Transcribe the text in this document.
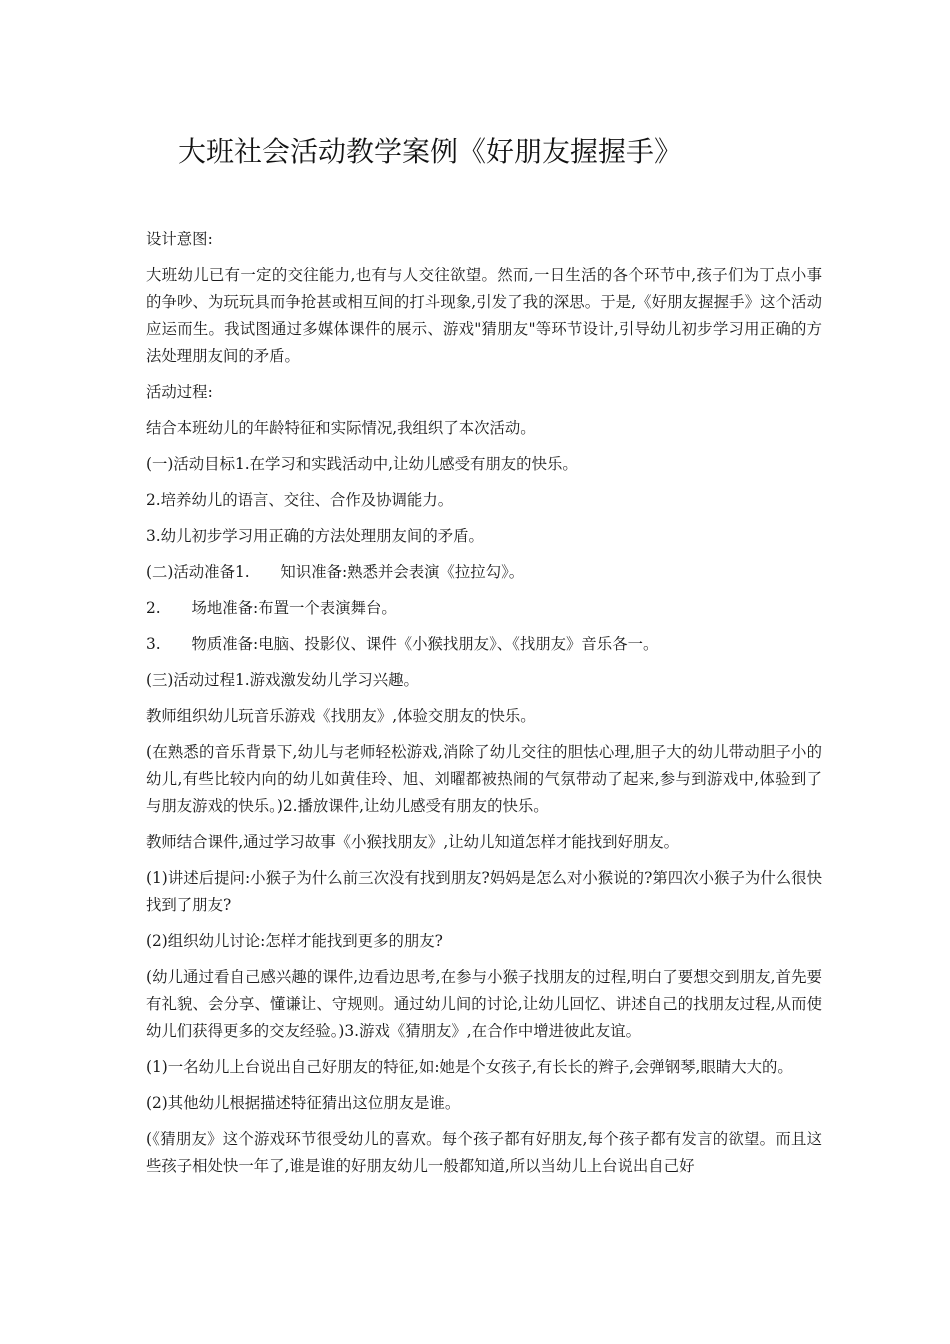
大班社会活动教学案例《好朋友握握手》

设计意图:

大班幼儿已有一定的交往能力,也有与人交往欲望。然而,一日生活的各个环节中,孩子们为丁点小事的争吵、为玩玩具而争抢甚或相互间的打斗现象,引发了我的深思。于是,《好朋友握握手》这个活动应运而生。我试图通过多媒体课件的展示、游戏"猜朋友"等环节设计,引导幼儿初步学习用正确的方法处理朋友间的矛盾。

活动过程:

结合本班幼儿的年龄特征和实际情况,我组织了本次活动。

(一)活动目标1.在学习和实践活动中,让幼儿感受有朋友的快乐。

2.培养幼儿的语言、交往、合作及协调能力。

3.幼儿初步学习用正确的方法处理朋友间的矛盾。

(二)活动准备1.　　知识准备:熟悉并会表演《拉拉勾》。

2.　　场地准备:布置一个表演舞台。

3.　　物质准备:电脑、投影仪、课件《小猴找朋友》、《找朋友》音乐各一。

(三)活动过程1.游戏激发幼儿学习兴趣。

教师组织幼儿玩音乐游戏《找朋友》,体验交朋友的快乐。

(在熟悉的音乐背景下,幼儿与老师轻松游戏,消除了幼儿交往的胆怯心理,胆子大的幼儿带动胆子小的幼儿,有些比较内向的幼儿如黄佳玲、旭、刘曜都被热闹的气氛带动了起来,参与到游戏中,体验到了与朋友游戏的快乐。)2.播放课件,让幼儿感受有朋友的快乐。

教师结合课件,通过学习故事《小猴找朋友》,让幼儿知道怎样才能找到好朋友。

(1)讲述后提问:小猴子为什么前三次没有找到朋友?妈妈是怎么对小猴说的?第四次小猴子为什么很快找到了朋友?

(2)组织幼儿讨论:怎样才能找到更多的朋友?

(幼儿通过看自己感兴趣的课件,边看边思考,在参与小猴子找朋友的过程,明白了要想交到朋友,首先要有礼貌、会分享、懂谦让、守规则。通过幼儿间的讨论,让幼儿回忆、讲述自己的找朋友过程,从而使幼儿们获得更多的交友经验。)3.游戏《猜朋友》,在合作中增进彼此友谊。

(1)一名幼儿上台说出自己好朋友的特征,如:她是个女孩子,有长长的辫子,会弹钢琴,眼睛大大的。

(2)其他幼儿根据描述特征猜出这位朋友是谁。

(《猜朋友》这个游戏环节很受幼儿的喜欢。每个孩子都有好朋友,每个孩子都有发言的欲望。而且这些孩子相处快一年了,谁是谁的好朋友幼儿一般都知道,所以当幼儿上台说出自己好
